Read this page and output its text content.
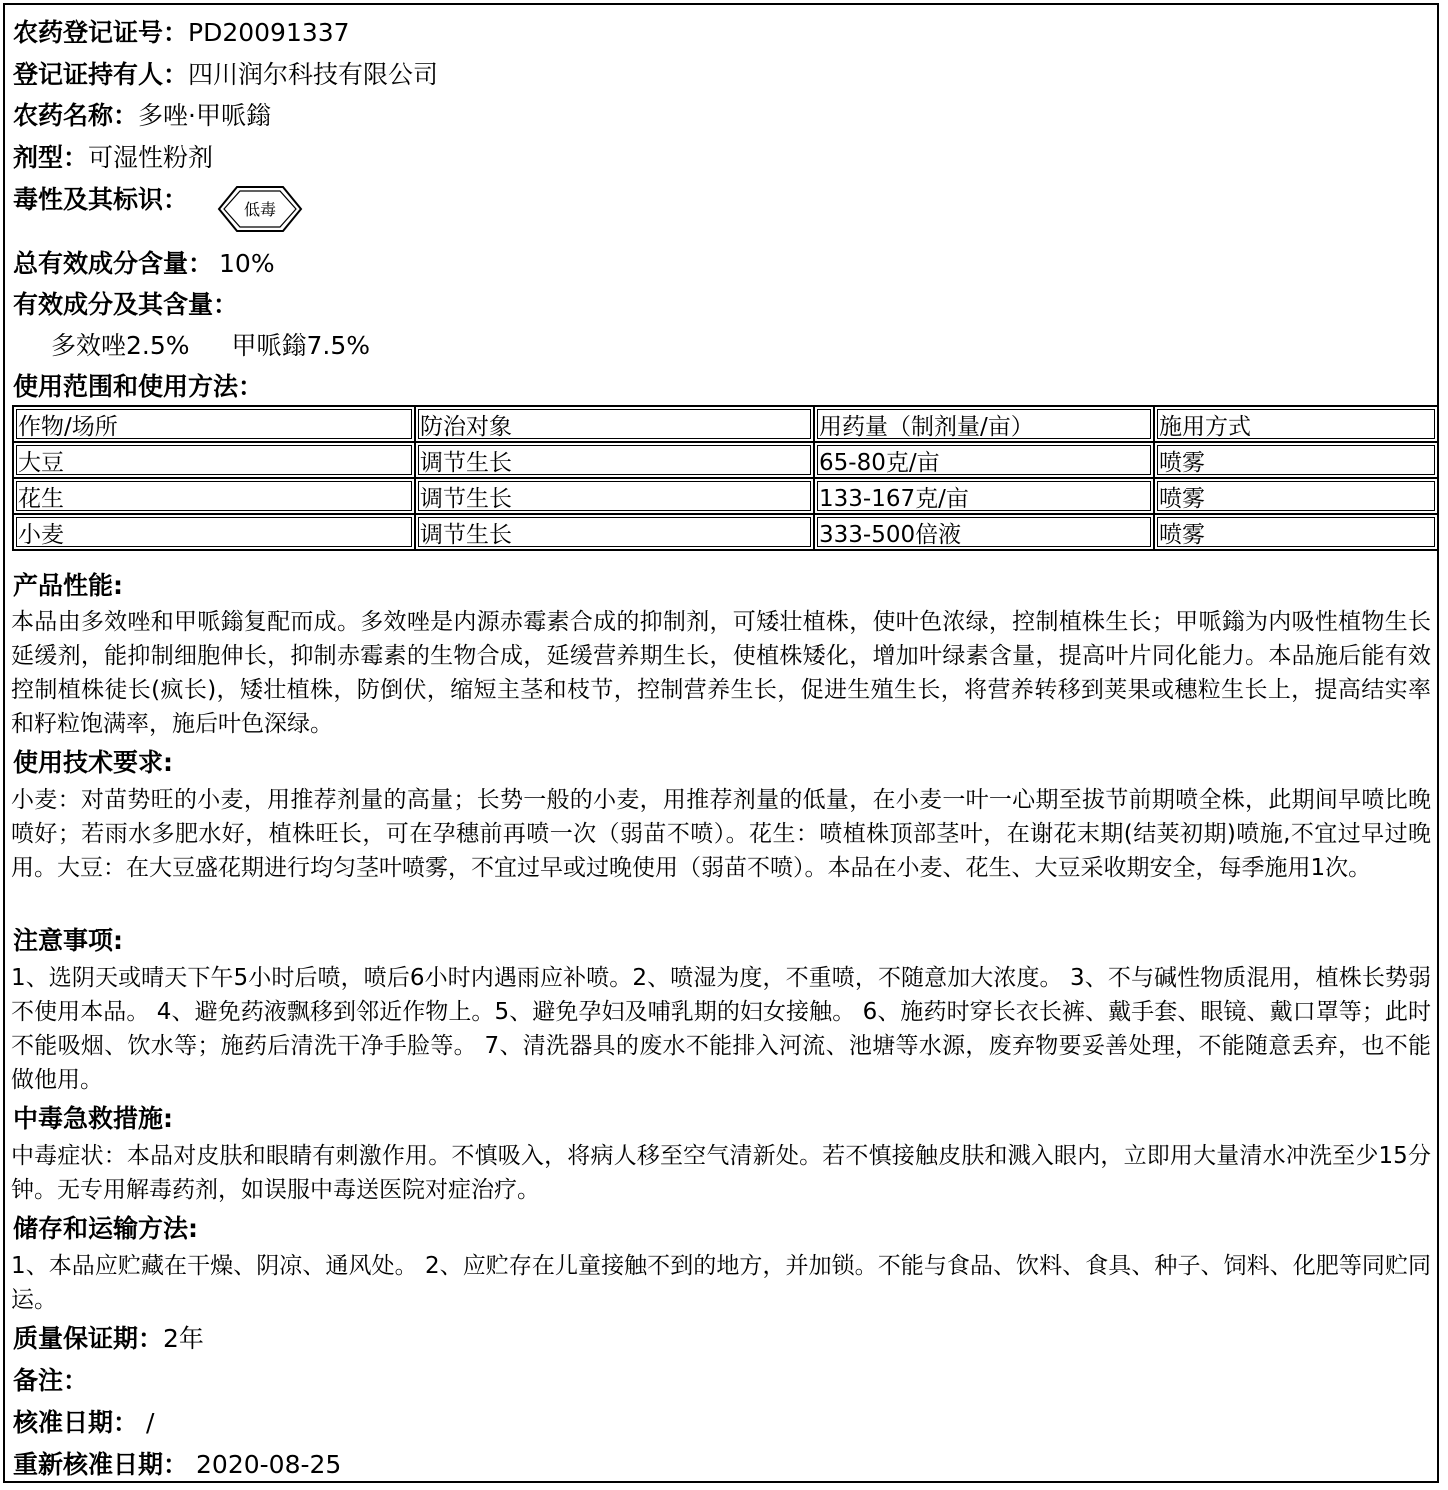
农药登记证号：PD20091337
登记证持有人：四川润尔科技有限公司
农药名称：多唑·甲哌鎓
剂型：可湿性粉剂
毒性及其标识：	低毒
总有效成分含量： 10%
有效成分及其含量：
多效唑2.5% 甲哌鎓7.5%
使用范围和使用方法：
作物/场所	防治对象	用药量（制剂量/亩）	施用方式
大豆	调节生长	65-80克/亩	喷雾
花生	调节生长	133-167克/亩	喷雾
小麦	调节生长	333-500倍液	喷雾
产品性能:
本品由多效唑和甲哌鎓复配而成。多效唑是内源赤霉素合成的抑制剂，可矮壮植株，使叶色浓绿，控制植株生长；甲哌鎓为内吸性植物生长延缓剂，能抑制细胞伸长，抑制赤霉素的生物合成，延缓营养期生长，使植株矮化，增加叶绿素含量，提高叶片同化能力。本品施后能有效控制植株徒长(疯长)，矮壮植株，防倒伏，缩短主茎和枝节，控制营养生长，促进生殖生长，将营养转移到荚果或穗粒生长上，提高结实率和籽粒饱满率，施后叶色深绿。
使用技术要求:
小麦：对苗势旺的小麦，用推荐剂量的高量；长势一般的小麦，用推荐剂量的低量，在小麦一叶一心期至拔节前期喷全株，此期间早喷比晚喷好；若雨水多肥水好，植株旺长，可在孕穗前再喷一次（弱苗不喷）。花生：喷植株顶部茎叶，在谢花末期(结荚初期)喷施,不宜过早过晚用。大豆：在大豆盛花期进行均匀茎叶喷雾，不宜过早或过晚使用（弱苗不喷）。本品在小麦、花生、大豆采收期安全，每季施用1次。
注意事项:
1、选阴天或晴天下午5小时后喷，喷后6小时内遇雨应补喷。2、喷湿为度，不重喷，不随意加大浓度。 3、不与碱性物质混用，植株长势弱不使用本品。 4、避免药液飘移到邻近作物上。5、避免孕妇及哺乳期的妇女接触。 6、施药时穿长衣长裤、戴手套、眼镜、戴口罩等；此时不能吸烟、饮水等；施药后清洗干净手脸等。 7、清洗器具的废水不能排入河流、池塘等水源，废弃物要妥善处理，不能随意丢弃，也不能做他用。
中毒急救措施:
中毒症状：本品对皮肤和眼睛有刺激作用。不慎吸入，将病人移至空气清新处。若不慎接触皮肤和溅入眼内，立即用大量清水冲洗至少15分钟。无专用解毒药剂，如误服中毒送医院对症治疗。
储存和运输方法:
1、本品应贮藏在干燥、阴凉、通风处。 2、应贮存在儿童接触不到的地方，并加锁。不能与食品、饮料、食具、种子、饲料、化肥等同贮同运。
质量保证期：2年
备注：
核准日期： /
重新核准日期： 2020-08-25
